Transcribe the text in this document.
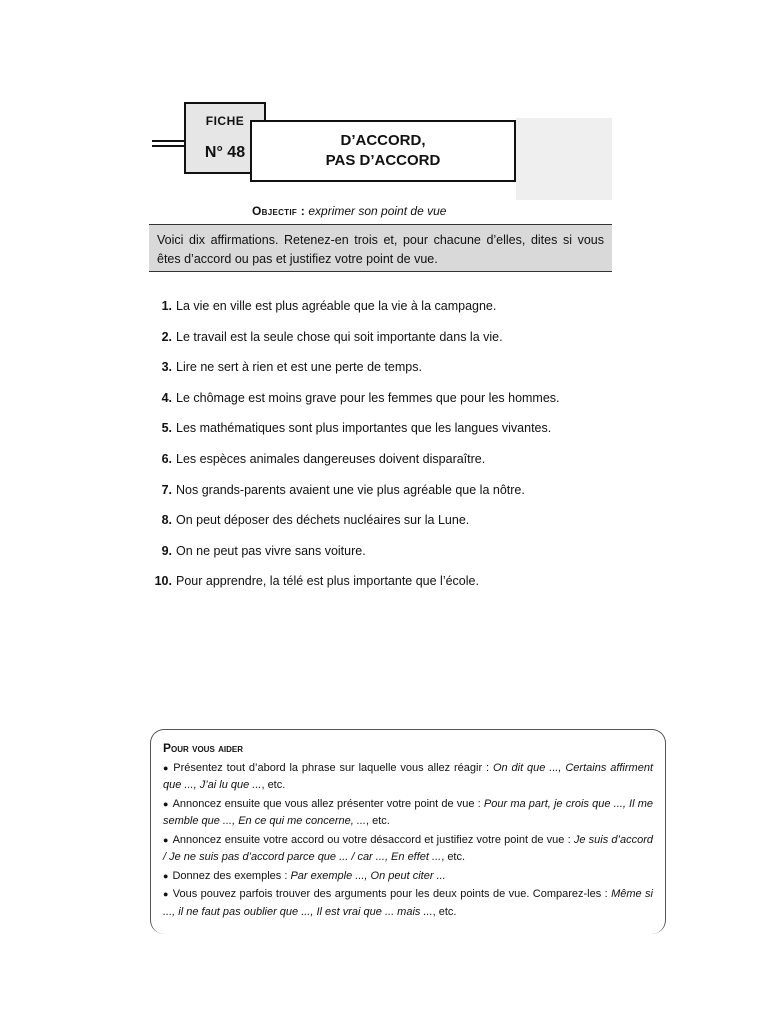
FICHE
N° 48
D’ACCORD,
PAS D’ACCORD
Objectif : exprimer son point de vue
Voici dix affirmations. Retenez-en trois et, pour chacune d’elles, dites si vous êtes d’accord ou pas et justifiez votre point de vue.
1. La vie en ville est plus agréable que la vie à la campagne.
2. Le travail est la seule chose qui soit importante dans la vie.
3. Lire ne sert à rien et est une perte de temps.
4. Le chômage est moins grave pour les femmes que pour les hommes.
5. Les mathématiques sont plus importantes que les langues vivantes.
6. Les espèces animales dangereuses doivent disparaître.
7. Nos grands-parents avaient une vie plus agréable que la nôtre.
8. On peut déposer des déchets nucléaires sur la Lune.
9. On ne peut pas vivre sans voiture.
10. Pour apprendre, la télé est plus importante que l’école.
Pour vous aider

● Présentez tout d’abord la phrase sur laquelle vous allez réagir : On dit que ..., Certains affirment que ..., J’ai lu que ..., etc.

● Annoncez ensuite que vous allez présenter votre point de vue : Pour ma part, je crois que ..., Il me semble que ..., En ce qui me concerne, ..., etc.

● Annoncez ensuite votre accord ou votre désaccord et justifiez votre point de vue : Je suis d’accord / Je ne suis pas d’accord parce que ... / car ..., En effet ..., etc.

● Donnez des exemples : Par exemple ..., On peut citer ...

● Vous pouvez parfois trouver des arguments pour les deux points de vue. Comparez-les : Même si ..., il ne faut pas oublier que ..., Il est vrai que ... mais ..., etc.
